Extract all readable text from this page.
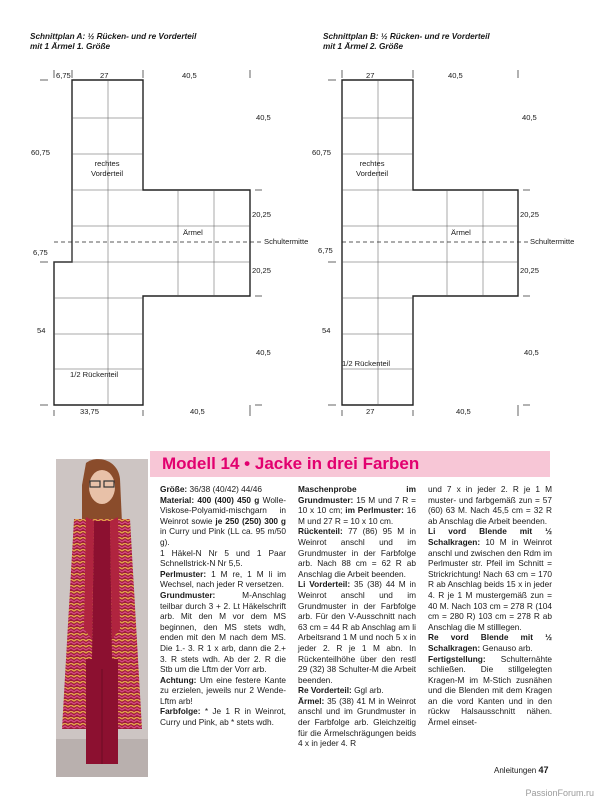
Schnittplan A: ½ Rücken- und re Vorderteil
mit 1 Ärmel 1. Größe
6,75	27	40,5
40,5
20,25
20,25
40,5
60,75
6,75
54
33,75	40,5
rechtes
Vorderteil
Ärmel
1/2 Rückenteil
Schultermitte
Schnittplan B: ½ Rücken- und re Vorderteil
mit 1 Ärmel 2. Größe
27	40,5
40,5
20,25
20,25
40,5
60,75
6,75
54
27	40,5
rechtes
Vorderteil
Ärmel
1/2 Rückenteil
Schultermitte
Modell 14 • Jacke in drei Farben

Größe: 36/38 (40/42) 44/46

Material: 400 (400) 450 g Wolle-Viskose-Polyamid-mischgarn in Weinrot sowie je 250 (250) 300 g in Curry und Pink (LL ca. 95 m/50 g).

1 Häkel-N Nr 5 und 1 Paar Schnellstrick-N Nr 5,5.

Perlmuster: 1 M re, 1 M li im Wechsel, nach jeder R versetzen.

Grundmuster: M-Anschlag teilbar durch 3 + 2. Lt Häkelschrift arb. Mit den M vor dem MS beginnen, den MS stets wdh, enden mit den M nach dem MS. Die 1.- 3. R 1 x arb, dann die 2.+ 3. R stets wdh. Ab der 2. R die Stb um die Lftm der Vorr arb.

Achtung: Um eine festere Kante zu erzielen, jeweils nur 2 Wende-Lftm arb!

Farbfolge: * Je 1 R in Weinrot, Curry und Pink, ab * stets wdh.

Maschenprobe im Grundmuster: 15 M und 7 R = 10 x 10 cm; im Perlmuster: 16 M und 27 R = 10 x 10 cm.

Rückenteil: 77 (86) 95 M in Weinrot anschl und im Grundmuster in der Farbfolge arb. Nach 88 cm = 62 R ab Anschlag die Arbeit beenden.

Li Vorderteil: 35 (38) 44 M in Weinrot anschl und im Grundmuster in der Farbfolge arb. Für den V-Ausschnitt nach 63 cm = 44 R ab Anschlag am li Arbeitsrand 1 M und noch 5 x in jeder 2. R je 1 M abn. In Rückenteilhöhe über den restl 29 (32) 38 Schulter-M die Arbeit beenden.

Re Vorderteil: Ggl arb.

Ärmel: 35 (38) 41 M in Weinrot anschl und im Grundmuster in der Farbfolge arb. Gleichzeitig für die Ärmelschrägungen beids 4 x in jeder 4. R

und 7 x in jeder 2. R je 1 M muster- und farbgemäß zun = 57 (60) 63 M. Nach 45,5 cm = 32 R ab Anschlag die Arbeit beenden.

Li vord Blende mit ½ Schalkragen: 10 M in Weinrot anschl und zwischen den Rdm im Perlmuster str. Pfeil im Schnitt = Strickrichtung! Nach 63 cm = 170 R ab Anschlag beids 15 x in jeder 4. R je 1 M mustergemäß zun = 40 M. Nach 103 cm = 278 R (104 cm = 280 R) 103 cm = 278 R ab Anschlag die M stilllegen.

Re vord Blende mit ½ Schalkragen: Genauso arb.

Fertigstellung: Schulternähte schließen. Die stillgelegten Kragen-M im M-Stich zusnähen und die Blenden mit dem Kragen an die vord Kanten und in den rückw Halsausschnitt nähen. Ärmel einset-

Anleitungen 47
PassionForum.ru
